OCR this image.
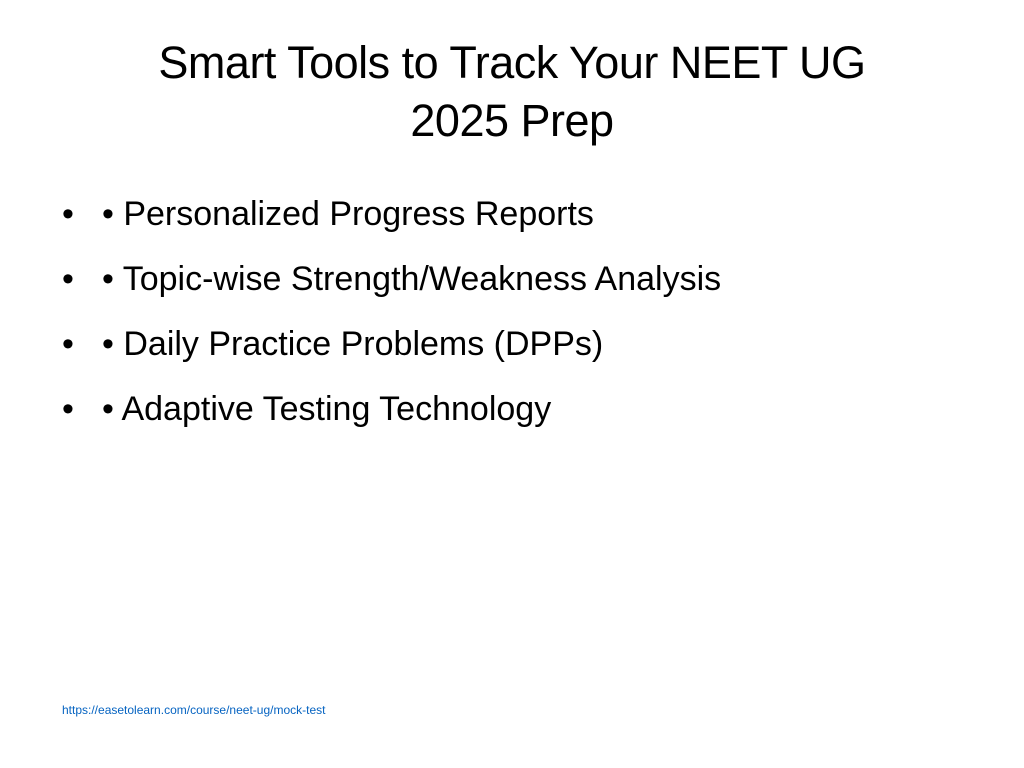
Smart Tools to Track Your NEET UG
2025 Prep
• • Personalized Progress Reports
• • Topic-wise Strength/Weakness Analysis
• • Daily Practice Problems (DPPs)
• • Adaptive Testing Technology
https://easetolearn.com/course/neet-ug/mock-test
